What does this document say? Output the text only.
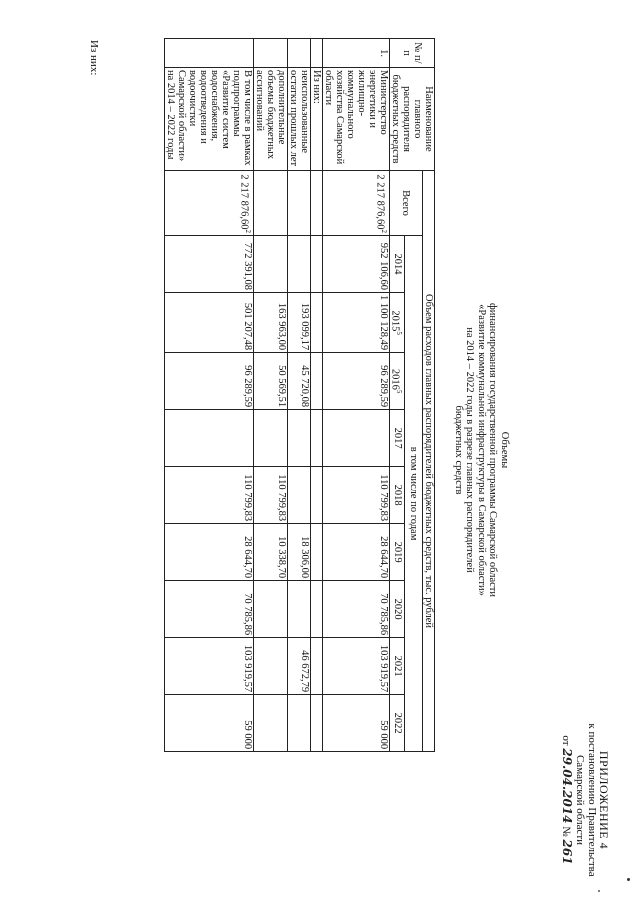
ПРИЛОЖЕНИЕ 4
к постановлению Правительства
Самарской области
от 29.04.2014 № 261
Объемы
финансирования государственной программы Самарской области
«Развитие коммунальной инфраструктуры в Самарской области»
на 2014 – 2022 годы в разрезе главных распорядителей
бюджетных средств
№ п/п	Наименование главного распорядителя бюджетных средств	Объем расходов главных распорядителей бюджетных средств, тыс. рублей									
		Всего	в том числе по годам								
			2014	2015$^5$	2016$^5$	2017	2018	2019	2020	2021	2022
1.	Министерство энергетики и жилищно-коммунального хозяйства Самарской области	2 217 876,60$^2$	952 106,60	1 100 128,49	96 289,59		110 799,83	28 644,70	70 785,86	103 919,57	59 000
	Из них:										
	неиспользованные остатки прошлых лет			193 099,17	45 720,08			18 306,00		46 672,79	
	дополнительные объемы бюджетных ассигнований			163 963,00	50 569,51		110 799,83	10 338,70			
	В том числе в рамках подпрограммы «Развитие систем водоснабжения, водоотведения и водоочистки Самарской области» на 2014 – 2022 годы	2 217 876,60$^2$	772 391,08	501 207,48	96 289,59		110 799,83	28 644,70	70 785,86	103 919,57	59 000
Из них:
